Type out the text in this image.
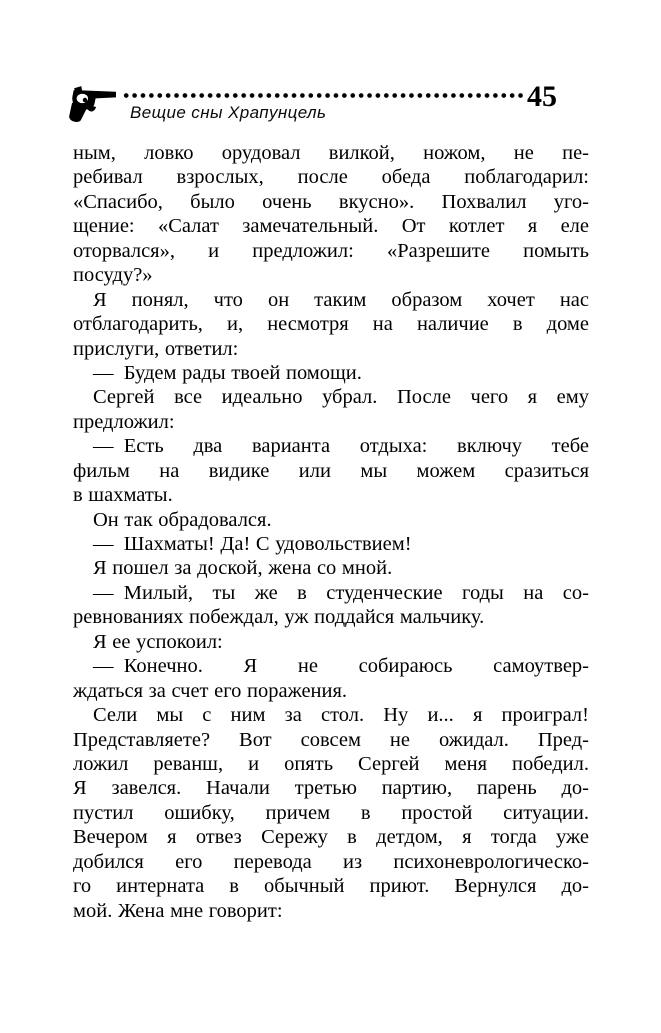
45
Вещие сны Храпунцель
ным, ловко орудовал вилкой, ножом, не пе-
ребивал взрослых, после обеда поблагодарил:
«Спасибо, было очень вкусно». Похвалил уго-
щение: «Салат замечательный. От котлет я еле
оторвался», и предложил: «Разрешите помыть
посуду?»
Я понял, что он таким образом хочет нас
отблагодарить, и, несмотря на наличие в доме
прислуги, ответил:
— Будем рады твоей помощи.
Сергей все идеально убрал. После чего я ему
предложил:
— Есть два варианта отдыха: включу тебе
фильм на видике или мы можем сразиться
в шахматы.
Он так обрадовался.
— Шахматы! Да! С удовольствием!
Я пошел за доской, жена со мной.
— Милый, ты же в студенческие годы на со-
ревнованиях побеждал, уж поддайся мальчику.
Я ее успокоил:
— Конечно. Я не собираюсь самоутвер-
ждаться за счет его поражения.
Сели мы с ним за стол. Ну и... я проиграл!
Представляете? Вот совсем не ожидал. Пред-
ложил реванш, и опять Сергей меня победил.
Я завелся. Начали третью партию, парень до-
пустил ошибку, причем в простой ситуации.
Вечером я отвез Сережу в детдом, я тогда уже
добился его перевода из психоневрологическо-
го интерната в обычный приют. Вернулся до-
мой. Жена мне говорит:
